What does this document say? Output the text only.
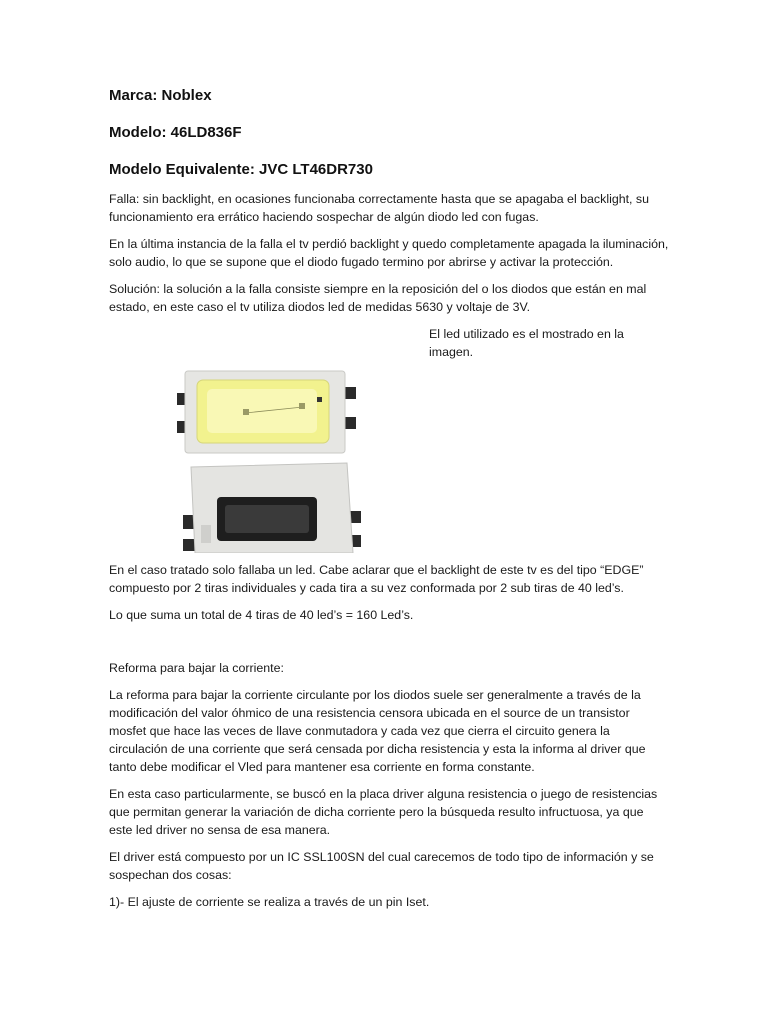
Marca: Noblex
Modelo: 46LD836F
Modelo Equivalente: JVC LT46DR730

Falla: sin backlight, en ocasiones funcionaba correctamente hasta que se apagaba el backlight, su funcionamiento era errático haciendo sospechar de algún diodo led con fugas.

En la última instancia de la falla el tv perdió backlight y quedo completamente apagada la iluminación, solo audio, lo que se supone que el diodo fugado termino por abrirse y activar la protección.

Solución: la solución a la falla consiste siempre en la reposición del o los diodos que están en mal estado, en este caso el tv utiliza diodos led de medidas 5630 y voltaje de 3V.

El led utilizado es el mostrado en la imagen.

En el caso tratado solo fallaba un led. Cabe aclarar que el backlight de este tv es del tipo “EDGE” compuesto por 2 tiras individuales y cada tira a su vez conformada por 2 sub tiras de 40 led’s.

Lo que suma un total de 4 tiras de 40 led’s = 160 Led’s.

Reforma para bajar la corriente:

La reforma para bajar la corriente circulante por los diodos suele ser generalmente a través de la modificación del valor óhmico de una resistencia censora ubicada en el source de un transistor mosfet que hace las veces de llave conmutadora y cada vez que cierra el circuito genera la circulación de una corriente que será censada por dicha resistencia y esta la informa al driver que tanto debe modificar el Vled para mantener esa corriente en forma constante.

En esta caso particularmente, se buscó en la placa driver alguna resistencia o juego de resistencias que permitan generar la variación de dicha corriente pero la búsqueda resulto infructuosa, ya que este led driver no sensa de esa manera.

El driver está compuesto por un IC SSL100SN del cual carecemos de todo tipo de información y se sospechan dos cosas:

1)- El ajuste de corriente se realiza a través de un pin Iset.
